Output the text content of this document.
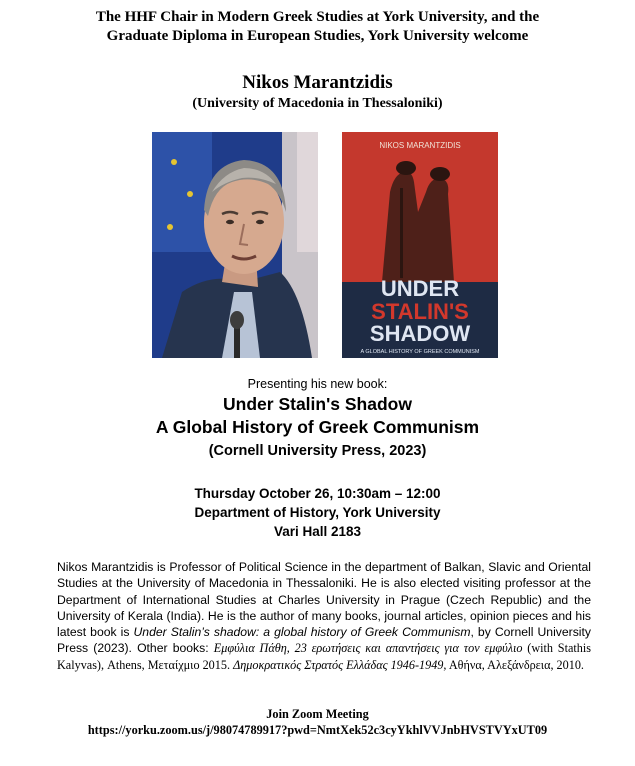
The HHF Chair in Modern Greek Studies at York University, and the
Graduate Diploma in European Studies, York University welcome
Nikos Marantzidis
(University of Macedonia in Thessaloniki)
NIKOS MARANTZIDIS
UNDER
STALIN'S
SHADOW
A GLOBAL HISTORY OF GREEK COMMUNISM
Presenting his new book:
Under Stalin's Shadow
A Global History of Greek Communism
(Cornell University Press, 2023)
Thursday October 26, 10:30am – 12:00
Department of History, York University
Vari Hall 2183
Nikos Marantzidis is Professor of Political Science in the department of Balkan, Slavic and Oriental Studies at the University of Macedonia in Thessaloniki. He is also elected visiting professor at the Department of International Studies at Charles University in Prague (Czech Republic) and the University of Kerala (India). He is the author of many books, journal articles, opinion pieces and his latest book is Under Stalin’s shadow: a global history of Greek Communism, by Cornell University Press (2023). Other books: Εμφύλια Πάθη, 23 ερωτήσεις και απαντήσεις για τον εμφύλιο (with Stathis Kalyvas), Athens, Μεταίχμιο 2015. Δημοκρατικός Στρατός Ελλάδας 1946-1949, Αθήνα, Αλεξάνδρεια, 2010.
Join Zoom Meeting
https://yorku.zoom.us/j/98074789917?pwd=NmtXek52c3cyYkhlVVJnbHVSTVYxUT09
